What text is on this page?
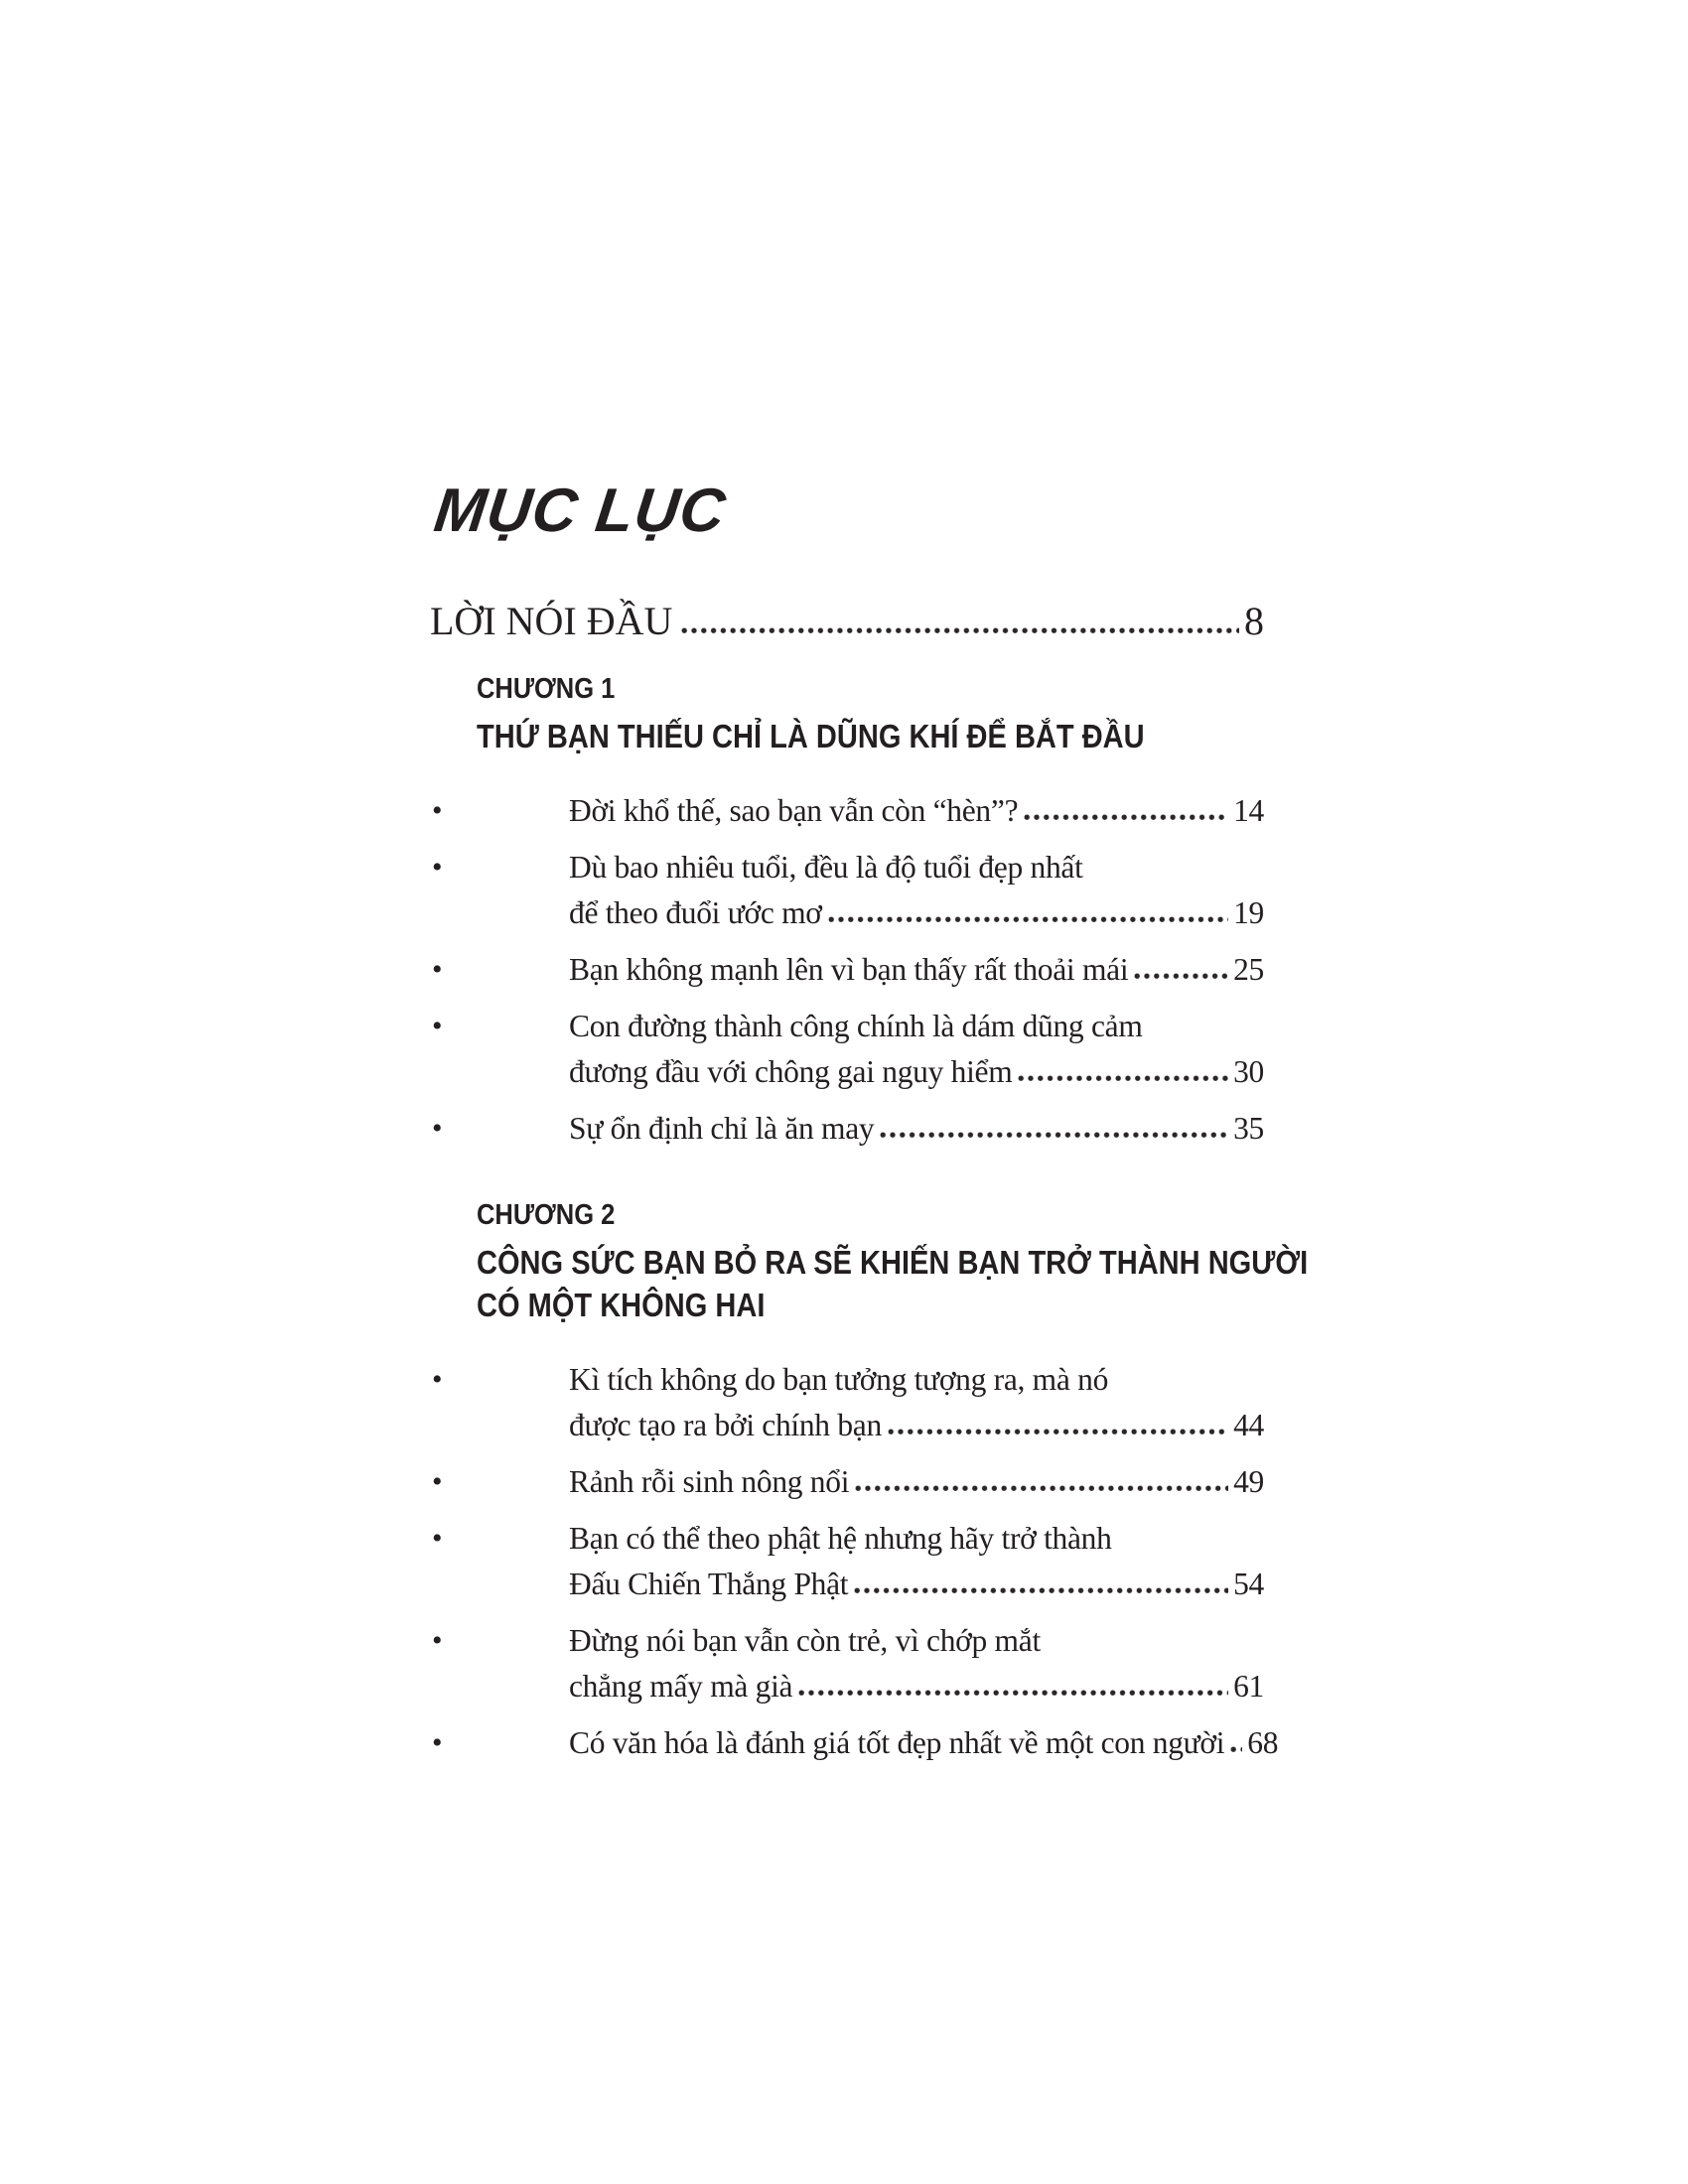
MỤC LỤC
LỜI NÓI ĐẦU	8
CHƯƠNG 1
THỨ BẠN THIẾU CHỈ LÀ DŨNG KHÍ ĐỂ BẮT ĐẦU
•	Đời khổ thế, sao bạn vẫn còn “hèn”?	14
•	Dù bao nhiêu tuổi, đều là độ tuổi đẹp nhất
để theo đuổi ước mơ	19
•	Bạn không mạnh lên vì bạn thấy rất thoải mái	25
•	Con đường thành công chính là dám dũng cảm
đương đầu với chông gai nguy hiểm	30
•	Sự ổn định chỉ là ăn may	35
CHƯƠNG 2
CÔNG SỨC BẠN BỎ RA SẼ KHIẾN BẠN TRỞ THÀNH NGƯỜI
CÓ MỘT KHÔNG HAI
•	Kì tích không do bạn tưởng tượng ra, mà nó
được tạo ra bởi chính bạn	44
•	Rảnh rỗi sinh nông nổi	49
•	Bạn có thể theo phật hệ nhưng hãy trở thành
Đấu Chiến Thắng Phật	54
•	Đừng nói bạn vẫn còn trẻ, vì chớp mắt
chẳng mấy mà già	61
•	Có văn hóa là đánh giá tốt đẹp nhất về một con người 68
